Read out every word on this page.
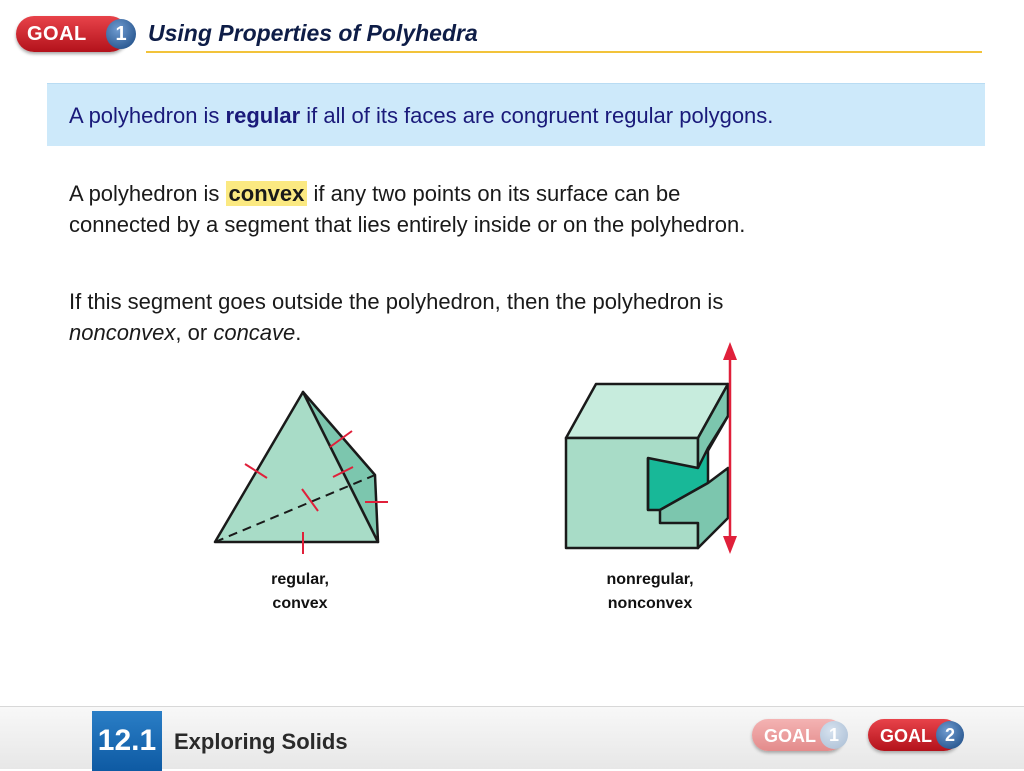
GOAL	1 Using Properties of Polyhedra
A polyhedron is regular if all of its faces are congruent regular polygons.
A polyhedron is convex if any two points on its surface can be
connected by a segment that lies entirely inside or on the polyhedron.
If this segment goes outside the polyhedron, then the polyhedron is
nonconvex, or concave.
regular,
convex
nonregular,
nonconvex
12.1 Exploring Solids	GOAL 1	GOAL 2
